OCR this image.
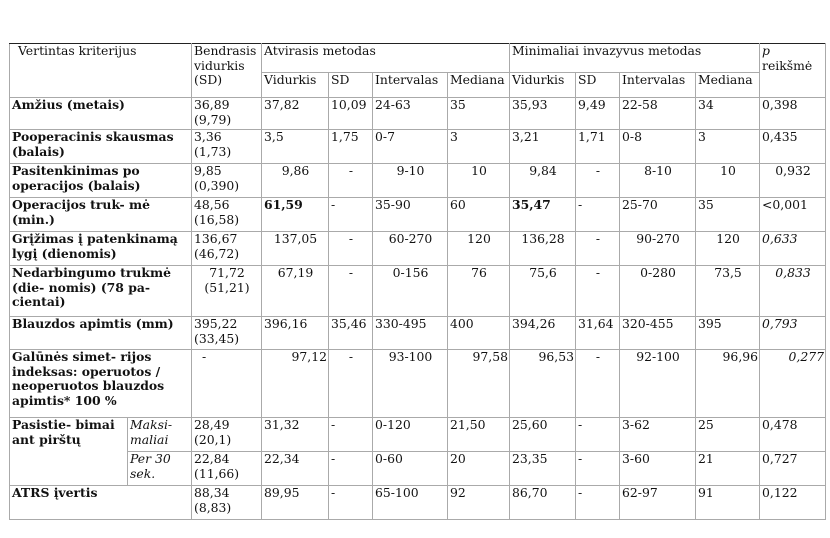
Vertintas kriterijus		Bendrasis vidurkis (SD)	Atvirasis metodas				Minimaliai invazyvus metodas				p
reikšmė
			Vidurkis	SD	Intervalas	Mediana	Vidurkis	SD	Intervalas	Mediana	
Amžius (metais)		36,89 (9,79)	37,82	10,09	24-63	35	35,93	9,49	22-58	34	0,398
Pooperacinis skausmas (balais)		3,36 (1,73)	3,5	1,75	0-7	3	3,21	1,71	0-8	3	0,435
Pasitenkinimas po operacijos (balais)		9,85 (0,390)	9,86	-	9-10	10	9,84	-	8-10	10	0,932
Operacijos truk- mė (min.)		48,56 (16,58)	61,59	-	35-90	60	35,47	-	25-70	35	<0,001
Grįžimas į patenkinamą lygį (dienomis)		136,67 (46,72)	137,05	-	60-270	120	136,28	-	90-270	120	0,633
Nedarbingumo trukmė (die- nomis) (78 pa- cientai)		71,72 (51,21)	67,19	-	0-156	76	75,6	-	0-280	73,5	0,833
Blauzdos apimtis (mm)		395,22 (33,45)	396,16	35,46	330-495	400	394,26	31,64	320-455	395	0,793
Galūnės simet- rijos indeksas: operuotos / neoperuotos blauzdos apimtis* 100 %		-	97,12	-	93-100	97,58	96,53	-	92-100	96,96	0,277
Pasistie- bimai ant pirštų	Maksi- maliai	28,49 (20,1)	31,32	-	0-120	21,50	25,60	-	3-62	25	0,478
	Per 30 sek.	22,84 (11,66)	22,34	-	0-60	20	23,35	-	3-60	21	0,727
ATRS įvertis		88,34 (8,83)	89,95	-	65-100	92	86,70	-	62-97	91	0,122
